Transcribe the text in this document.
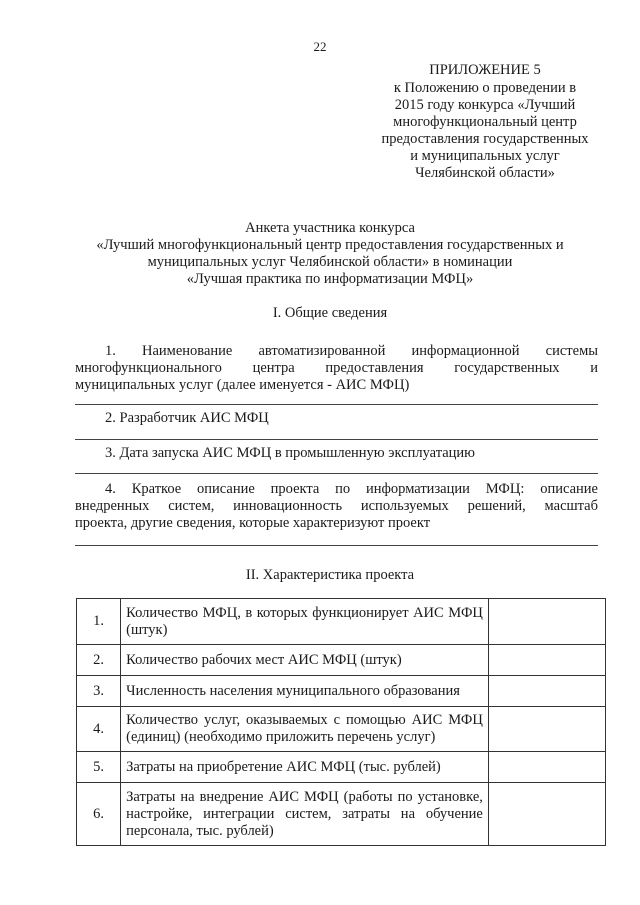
22
ПРИЛОЖЕНИЕ 5
к Положению о проведении в
2015 году конкурса «Лучший
многофункциональный центр
предоставления государственных
и муниципальных услуг
Челябинской области»
Анкета участника конкурса
«Лучший многофункциональный центр предоставления государственных и
муниципальных услуг Челябинской области» в номинации
«Лучшая практика по информатизации МФЦ»
I. Общие сведения
1. Наименование автоматизированной информационной системы
многофункционального центра предоставления государственных и
муниципальных услуг (далее именуется - АИС МФЦ)
2. Разработчик АИС МФЦ
3. Дата запуска АИС МФЦ в промышленную эксплуатацию
4. Краткое описание проекта по информатизации МФЦ: описание
внедренных систем, инновационность используемых решений, масштаб
проекта, другие сведения, которые характеризуют проект
II. Характеристика проекта
1.	Количество МФЦ, в которых функционирует АИС МФЦ (штук)	
2.	Количество рабочих мест АИС МФЦ (штук)	
3.	Численность населения муниципального образования	
4.	Количество услуг, оказываемых с помощью АИС МФЦ (единиц) (необходимо приложить перечень услуг)	
5.	Затраты на приобретение АИС МФЦ (тыс. рублей)	
6.	Затраты на внедрение АИС МФЦ (работы по установке, настройке, интеграции систем, затраты на обучение персонала, тыс. рублей)	
